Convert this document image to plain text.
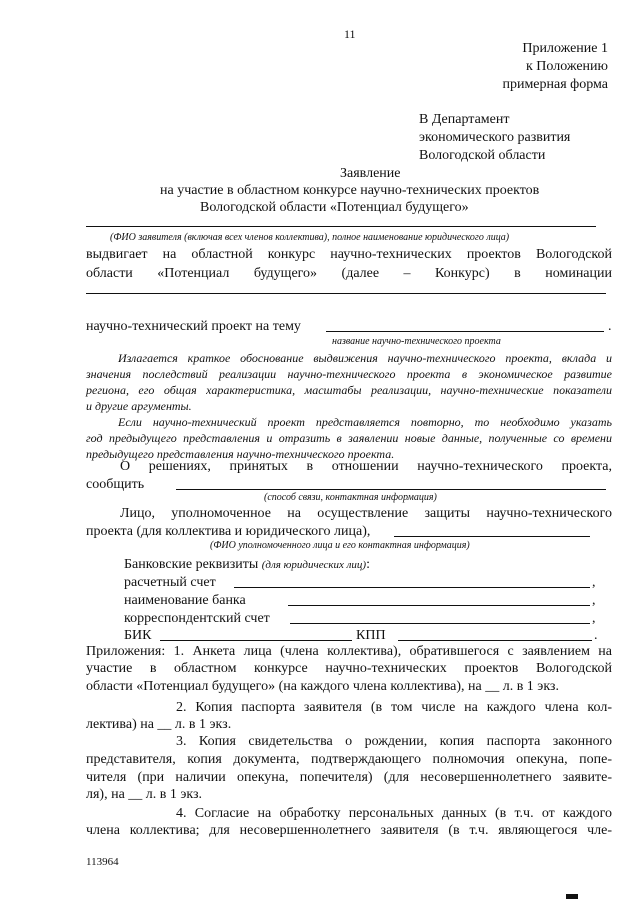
11
Приложение 1
к Положению
примерная форма
В Департамент
экономического развития
Вологодской области
Заявление
на участие в областном конкурсе научно-технических проектов
Вологодской области «Потенциал будущего»
(ФИО заявителя (включая всех членов коллектива), полное наименование юридического лица)
выдвигает на областной конкурс научно-технических проектов Вологодской
области «Потенциал будущего» (далее – Конкурс) в номинации
научно-технический проект на тему	.
название научно-технического проекта
Излагается краткое обоснование выдвижения научно-технического проекта, вклада и
значения последствий реализации научно-технического проекта в экономическое развитие
региона, его общая характеристика, масштабы реализации, научно-технические показатели
и другие аргументы.
Если научно-технический проект представляется повторно, то необходимо указать
год предыдущего представления и отразить в заявлении новые данные, полученные со времени
предыдущего представления научно-технического проекта.
О решениях, принятых в отношении научно-технического проекта,
сообщить
(способ связи, контактная информация)
Лицо, уполномоченное на осуществление защиты научно-технического
проекта (для коллектива и юридического лица),
(ФИО уполномоченного лица и его контактная информация)
Банковские реквизиты (для юридических лиц):
расчетный счет	,
наименование банка	,
корреспондентский счет	,
БИК	КПП	.
Приложения: 1. Анкета лица (члена коллектива), обратившегося с заявлением на
участие в областном конкурсе научно-технических проектов Вологодской
области «Потенциал будущего» (на каждого члена коллектива), на __ л. в 1 экз.
2. Копия паспорта заявителя (в том числе на каждого члена кол-
лектива) на __ л. в 1 экз.
3. Копия свидетельства о рождении, копия паспорта законного
представителя, копия документа, подтверждающего полномочия опекуна, попе-
чителя (при наличии опекуна, попечителя) (для несовершеннолетнего заявите-
ля), на __ л. в 1 экз.
4. Согласие на обработку персональных данных (в т.ч. от каждого
члена коллектива; для несовершеннолетнего заявителя (в т.ч. являющегося чле-
113964
